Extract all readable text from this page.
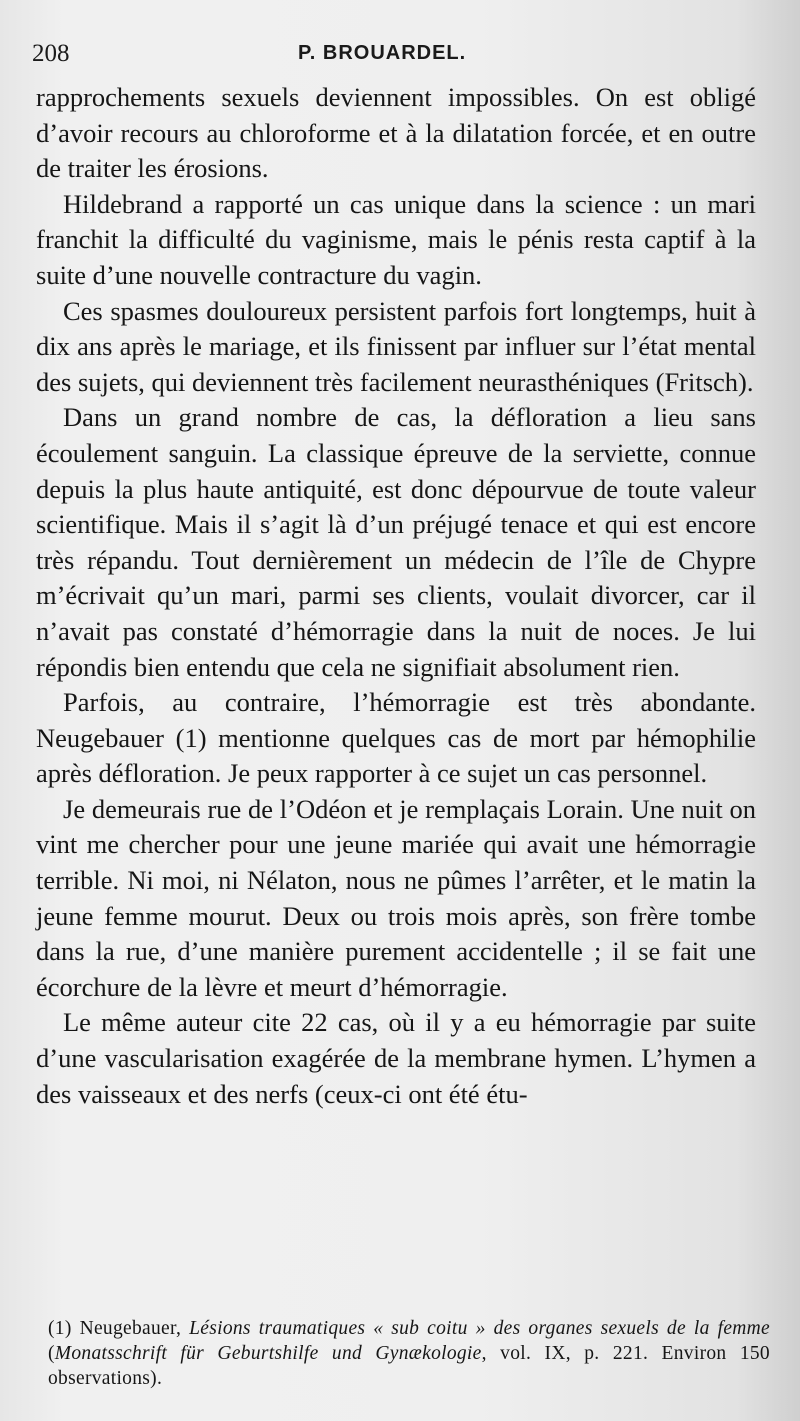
208	P. BROUARDEL.

rapprochements sexuels deviennent impossibles. On est obligé d’avoir recours au chloroforme et à la dilatation forcée, et en outre de traiter les érosions.

Hildebrand a rapporté un cas unique dans la science : un mari franchit la difficulté du vaginisme, mais le pénis resta captif à la suite d’une nouvelle contracture du vagin.

Ces spasmes douloureux persistent parfois fort longtemps, huit à dix ans après le mariage, et ils finissent par influer sur l’état mental des sujets, qui deviennent très facilement neurasthéniques (Fritsch).

Dans un grand nombre de cas, la défloration a lieu sans écoulement sanguin. La classique épreuve de la serviette, connue depuis la plus haute antiquité, est donc dépourvue de toute valeur scientifique. Mais il s’agit là d’un préjugé tenace et qui est encore très répandu. Tout dernièrement un médecin de l’île de Chypre m’écrivait qu’un mari, parmi ses clients, voulait divorcer, car il n’avait pas constaté d’hémorragie dans la nuit de noces. Je lui répondis bien entendu que cela ne signifiait absolument rien.

Parfois, au contraire, l’hémorragie est très abondante. Neugebauer (1) mentionne quelques cas de mort par hémophilie après défloration. Je peux rapporter à ce sujet un cas personnel.

Je demeurais rue de l’Odéon et je remplaçais Lorain. Une nuit on vint me chercher pour une jeune mariée qui avait une hémorragie terrible. Ni moi, ni Nélaton, nous ne pûmes l’arrêter, et le matin la jeune femme mourut. Deux ou trois mois après, son frère tombe dans la rue, d’une manière purement accidentelle ; il se fait une écorchure de la lèvre et meurt d’hémorragie.

Le même auteur cite 22 cas, où il y a eu hémorragie par suite d’une vascularisation exagérée de la membrane hymen. L’hymen a des vaisseaux et des nerfs (ceux-ci ont été étu-

(1) Neugebauer, Lésions traumatiques « sub coitu » des organes sexuels de la femme (Monatsschrift für Geburtshilfe und Gynækologie, vol. IX, p. 221. Environ 150 observations).
